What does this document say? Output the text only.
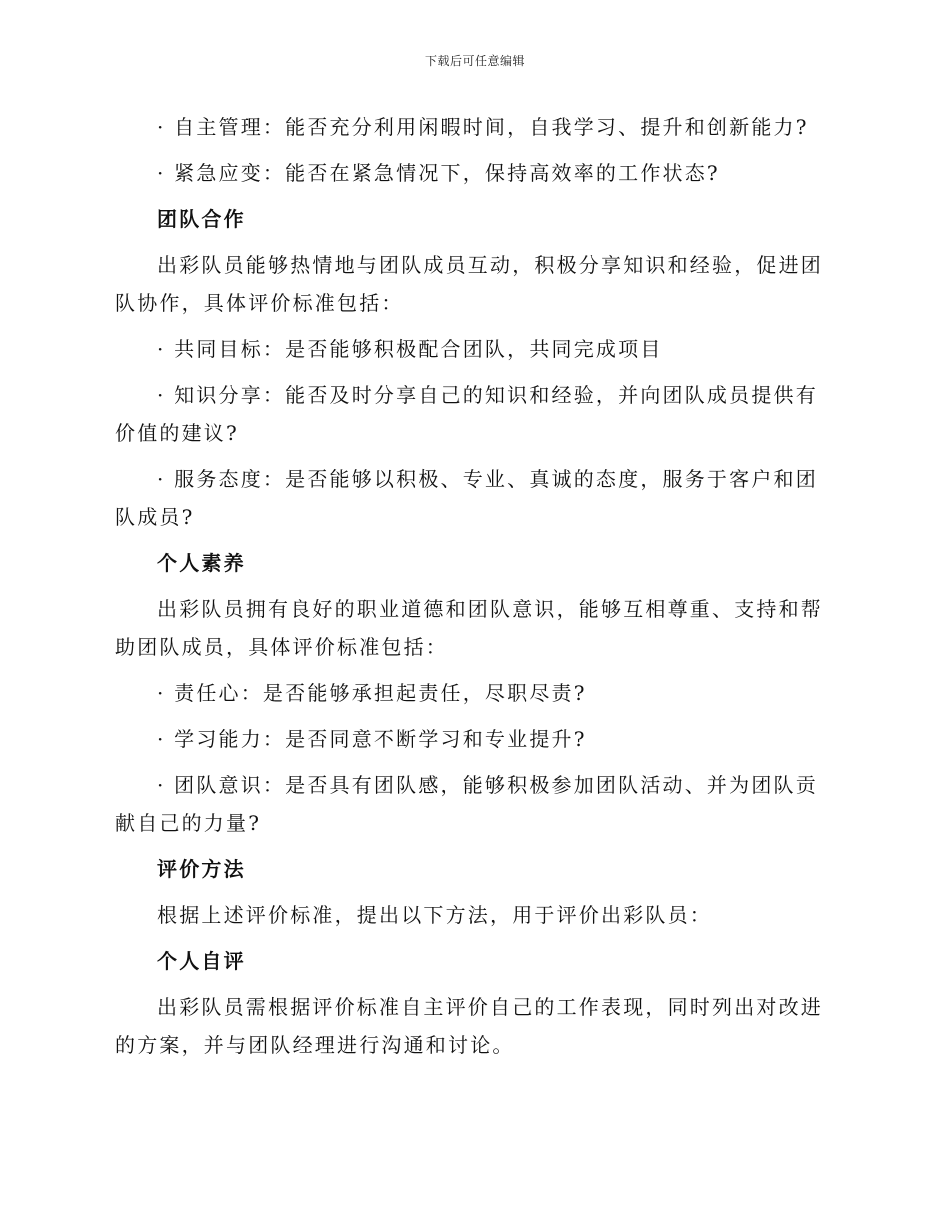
下载后可任意编辑

· 自主管理：能否充分利用闲暇时间，自我学习、提升和创新能力?

· 紧急应变：能否在紧急情况下，保持高效率的工作状态?

团队合作

出彩队员能够热情地与团队成员互动，积极分享知识和经验，促进团队协作，具体评价标准包括：

· 共同目标：是否能够积极配合团队，共同完成项目

· 知识分享：能否及时分享自己的知识和经验，并向团队成员提供有价值的建议?

· 服务态度：是否能够以积极、专业、真诚的态度，服务于客户和团队成员?

个人素养

出彩队员拥有良好的职业道德和团队意识，能够互相尊重、支持和帮助团队成员，具体评价标准包括：

· 责任心：是否能够承担起责任，尽职尽责?

· 学习能力：是否同意不断学习和专业提升?

· 团队意识：是否具有团队感，能够积极参加团队活动、并为团队贡献自己的力量?

评价方法

根据上述评价标准，提出以下方法，用于评价出彩队员：

个人自评

出彩队员需根据评价标准自主评价自己的工作表现，同时列出对改进的方案，并与团队经理进行沟通和讨论。
